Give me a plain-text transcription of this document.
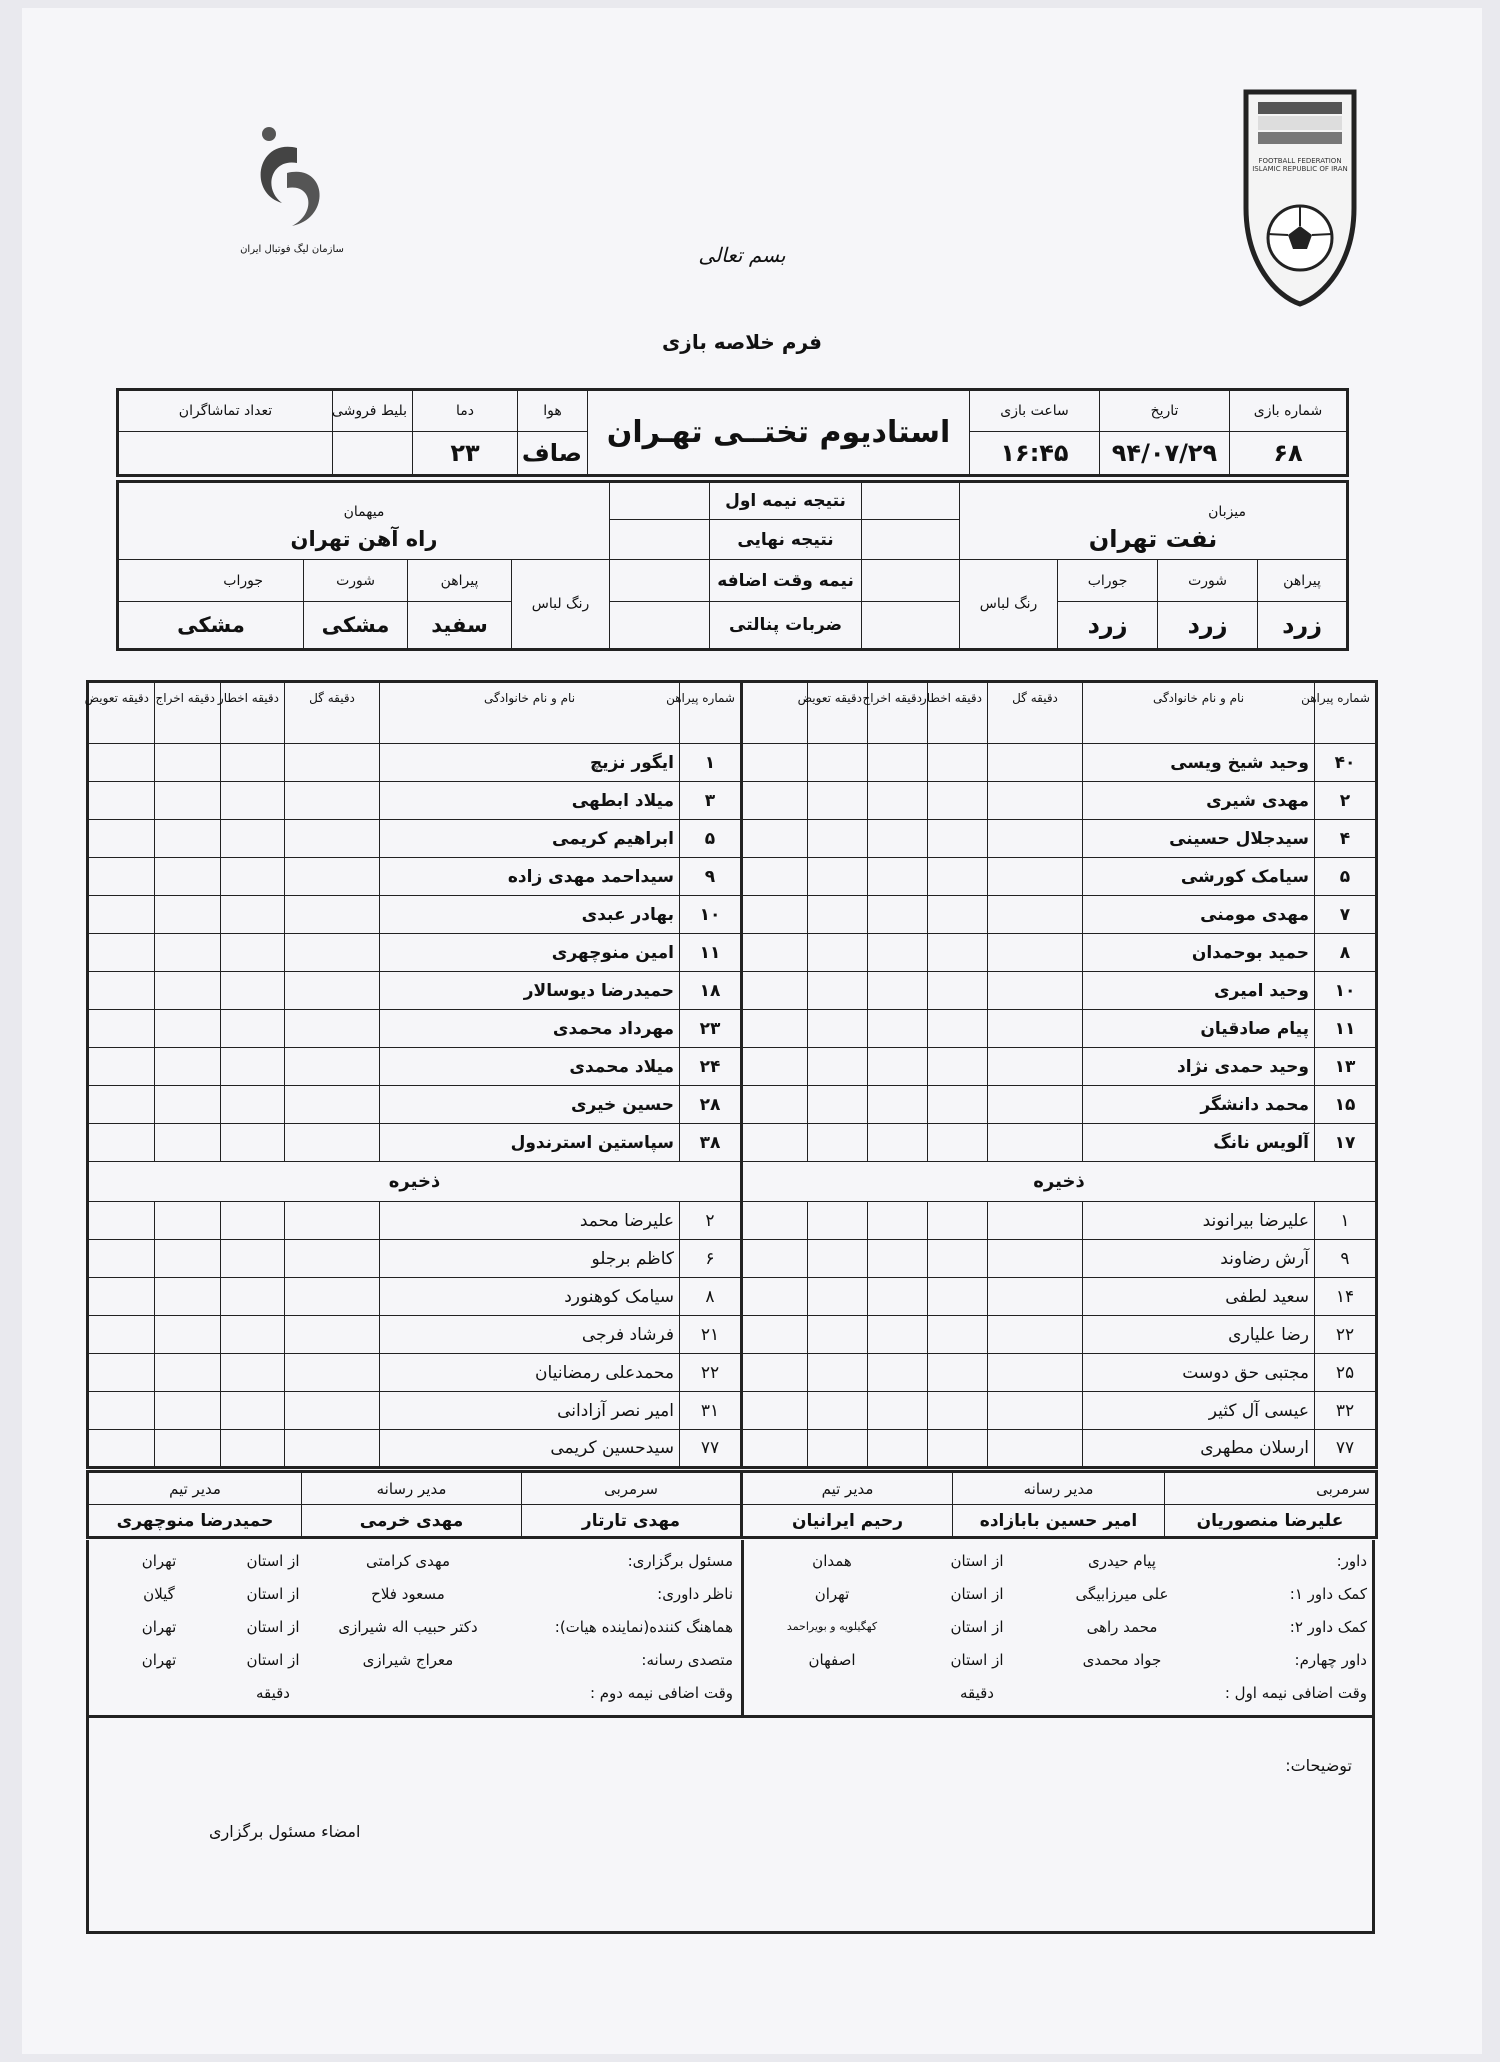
سازمان لیگ فوتبال ایران
FOOTBALL FEDERATION ISLAMIC REPUBLIC OF IRAN
بسم تعالی
فرم خلاصه بازی
شماره بازی	تاریخ	ساعت بازی	استادیوم تختــی تهـران	هوا	دما	بلیط فروشی	تعداد تماشاگران
۶۸	۹۴/۰۷/۲۹	۱۶:۴۵		صاف	۲۳		
میزبان					نتیجه نیمه اول		میهمان			
نفت تهران					نتیجه نهایی		راه آهن تهران			
پیراهن	شورت	جوراب	رنگ لباس		نیمه وقت اضافه		رنگ لباس	پیراهن	شورت	جوراب
زرد	زرد	زرد			ضربات پنالتی			سفید	مشکی	مشکی
شماره پیراهن	نام و نام خانوادگی	دقیقه گل	دقیقه اخطار	دقیقه اخراج	دقیقه تعویض	
۴۰	وحید شیخ ویسی					
۲	مهدی شیری					
۴	سیدجلال حسینی					
۵	سیامک کورشی					
۷	مهدی مومنی					
۸	حمید بوحمدان					
۱۰	وحید امیری					
۱۱	پیام صادقیان					
۱۳	وحید حمدی نژاد					
۱۵	محمد دانشگر					
۱۷	آلویس نانگ					
ذخیره						
۱	علیرضا بیرانوند					
۹	آرش رضاوند					
۱۴	سعید لطفی					
۲۲	رضا علیاری					
۲۵	مجتبی حق دوست					
۳۲	عیسی آل کثیر					
۷۷	ارسلان مطهری					
شماره پیراهن	نام و نام خانوادگی	دقیقه گل	دقیقه اخطار	دقیقه اخراج	دقیقه تعویض
۱	ایگور نزیچ				
۳	میلاد ابطهی				
۵	ابراهیم کریمی				
۹	سیداحمد مهدی زاده				
۱۰	بهادر عبدی				
۱۱	امین منوچهری				
۱۸	حمیدرضا دیوسالار				
۲۳	مهرداد محمدی				
۲۴	میلاد محمدی				
۲۸	حسین خیری				
۳۸	سپاستین استرندول				
ذخیره					
۲	علیرضا محمد				
۶	کاظم برجلو				
۸	سیامک کوهنورد				
۲۱	فرشاد فرجی				
۲۲	محمدعلی رمضانیان				
۳۱	امیر نصر آزادانی				
۷۷	سیدحسین کریمی				
سرمربی	مدیر رسانه	مدیر تیم
علیرضا منصوریان	امیر حسین بابازاده	رحیم ایرانیان
سرمربی	مدیر رسانه	مدیر تیم
مهدی تارتار	مهدی خرمی	حمیدرضا منوچهری
داور:	پیام حیدری	از استان	همدان
کمک داور ۱:	علی میرزابیگی	از استان	تهران
کمک داور ۲:	محمد راهی	از استان	کهگیلویه و بویراحمد
داور چهارم:	جواد محمدی	از استان	اصفهان
وقت اضافی نیمه اول :		دقیقه	
مسئول برگزاری:	مهدی کرامتی	از استان	تهران
ناظر داوری:	مسعود فلاح	از استان	گیلان
هماهنگ کننده(نماینده هیات):	دکتر حبیب اله شیرازی	از استان	تهران
متصدی رسانه:	معراج شیرازی	از استان	تهران
وقت اضافی نیمه دوم :		دقیقه	
توضیحات:
امضاء مسئول برگزاری
